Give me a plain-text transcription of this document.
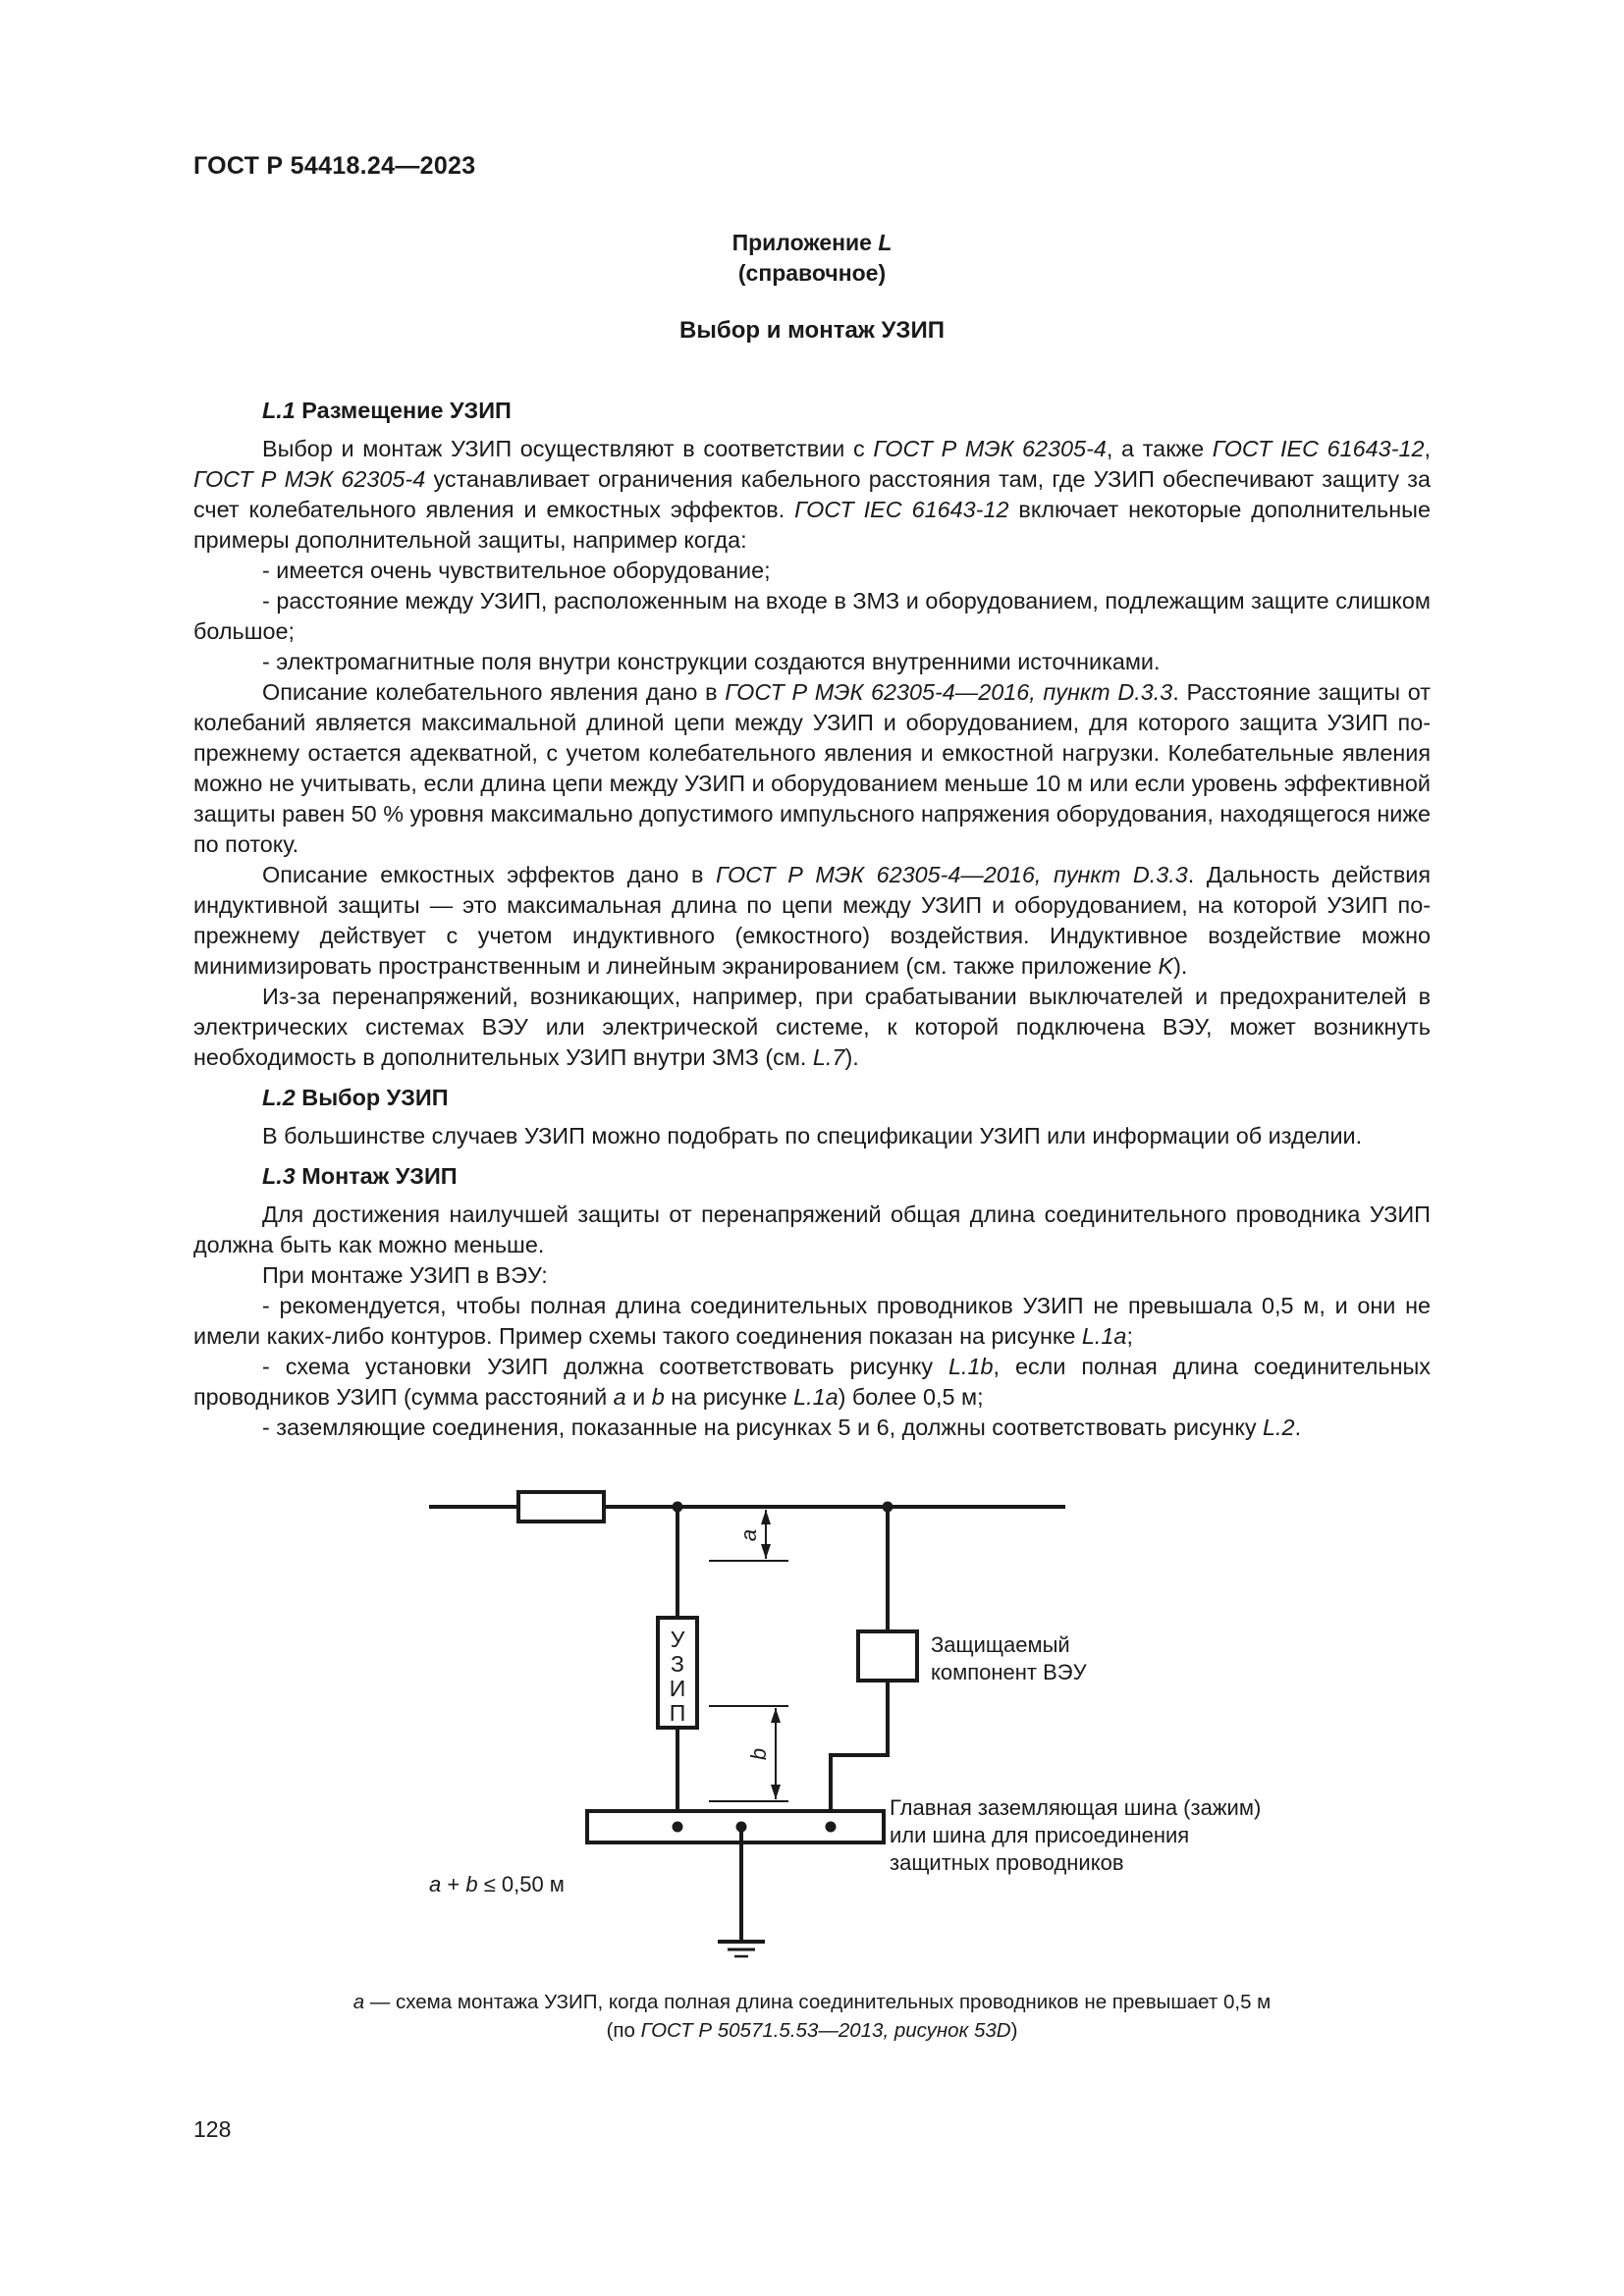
ГОСТ Р 54418.24—2023
Приложение L
(справочное)
Выбор и монтаж УЗИП

L.1 Размещение УЗИП

Выбор и монтаж УЗИП осуществляют в соответствии с ГОСТ Р МЭК 62305-4, а также ГОСТ IEC 61643-12, ГОСТ Р МЭК 62305-4 устанавливает ограничения кабельного расстояния там, где УЗИП обеспечивают защиту за счет колебательного явления и емкостных эффектов. ГОСТ IEC 61643-12 включает некоторые дополнительные примеры дополнительной защиты, например когда:

- имеется очень чувствительное оборудование;

- расстояние между УЗИП, расположенным на входе в ЗМЗ и оборудованием, подлежащим защите слишком большое;

- электромагнитные поля внутри конструкции создаются внутренними источниками.

Описание колебательного явления дано в ГОСТ Р МЭК 62305-4—2016, пункт D.3.3. Расстояние защиты от колебаний является максимальной длиной цепи между УЗИП и оборудованием, для которого защита УЗИП по-прежнему остается адекватной, с учетом колебательного явления и емкостной нагрузки. Колебательные явления можно не учитывать, если длина цепи между УЗИП и оборудованием меньше 10 м или если уровень эффективной защиты равен 50 % уровня максимально допустимого импульсного напряжения оборудования, находящегося ниже по потоку.

Описание емкостных эффектов дано в ГОСТ Р МЭК 62305-4—2016, пункт D.3.3. Дальность действия индуктивной защиты — это максимальная длина по цепи между УЗИП и оборудованием, на которой УЗИП по-прежнему действует с учетом индуктивного (емкостного) воздействия. Индуктивное воздействие можно минимизировать пространственным и линейным экранированием (см. также приложение K).

Из-за перенапряжений, возникающих, например, при срабатывании выключателей и предохранителей в электрических системах ВЭУ или электрической системе, к которой подключена ВЭУ, может возникнуть необходимость в дополнительных УЗИП внутри ЗМЗ (см. L.7).

L.2 Выбор УЗИП

В большинстве случаев УЗИП можно подобрать по спецификации УЗИП или информации об изделии.

L.3 Монтаж УЗИП

Для достижения наилучшей защиты от перенапряжений общая длина соединительного проводника УЗИП должна быть как можно меньше.

При монтаже УЗИП в ВЭУ:

- рекомендуется, чтобы полная длина соединительных проводников УЗИП не превышала 0,5 м, и они не имели каких-либо контуров. Пример схемы такого соединения показан на рисунке L.1a;

- схема установки УЗИП должна соответствовать рисунку L.1b, если полная длина соединительных проводников УЗИП (сумма расстояний a и b на рисунке L.1a) более 0,5 м;

- заземляющие соединения, показанные на рисунках 5 и 6, должны соответствовать рисунку L.2.

a
b
У
З
И
П
Защищаемый
компонент ВЭУ
Главная заземляющая шина (зажим)
или шина для присоединения
защитных проводников
a + b ≤ 0,50 м
a — схема монтажа УЗИП, когда полная длина соединительных проводников не превышает 0,5 м
(по ГОСТ Р 50571.5.53—2013, рисунок 53D)
128
